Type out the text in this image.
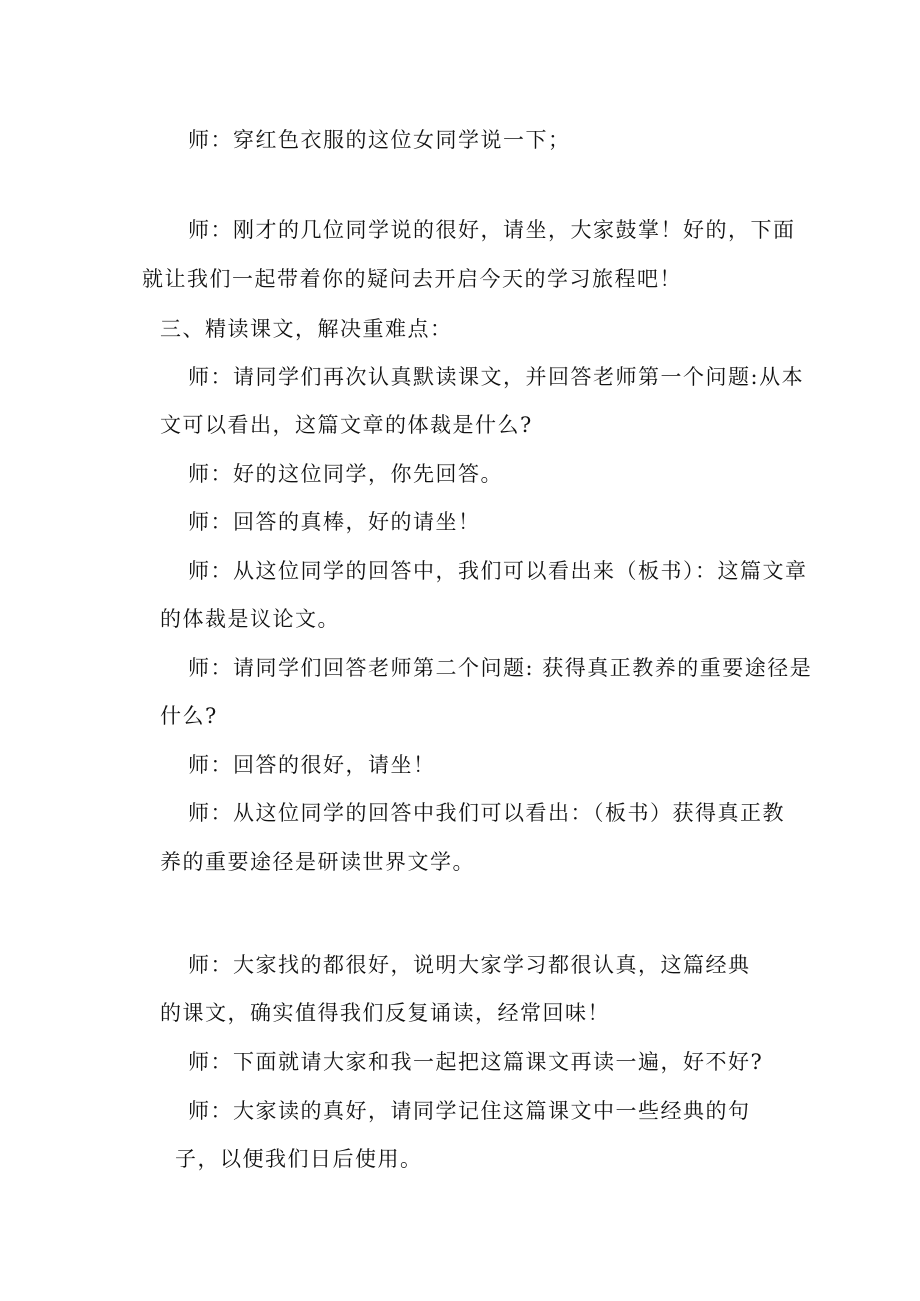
师：穿红色衣服的这位女同学说一下；
师：刚才的几位同学说的很好，请坐，大家鼓掌！好的，下面
就让我们一起带着你的疑问去开启今天的学习旅程吧！
三、精读课文，解决重难点：
师：请同学们再次认真默读课文，并回答老师第一个问题:从本
文可以看出，这篇文章的体裁是什么?
师：好的这位同学，你先回答。
师：回答的真棒，好的请坐！
师：从这位同学的回答中，我们可以看出来（板书）：这篇文章
的体裁是议论文。
师：请同学们回答老师第二个问题: 获得真正教养的重要途径是
什么?
师：回答的很好，请坐！
师：从这位同学的回答中我们可以看出：（板书）获得真正教
养的重要途径是研读世界文学。
师：大家找的都很好，说明大家学习都很认真，这篇经典
的课文，确实值得我们反复诵读，经常回味！
师：下面就请大家和我一起把这篇课文再读一遍，好不好?
师：大家读的真好，请同学记住这篇课文中一些经典的句
子，以便我们日后使用。
